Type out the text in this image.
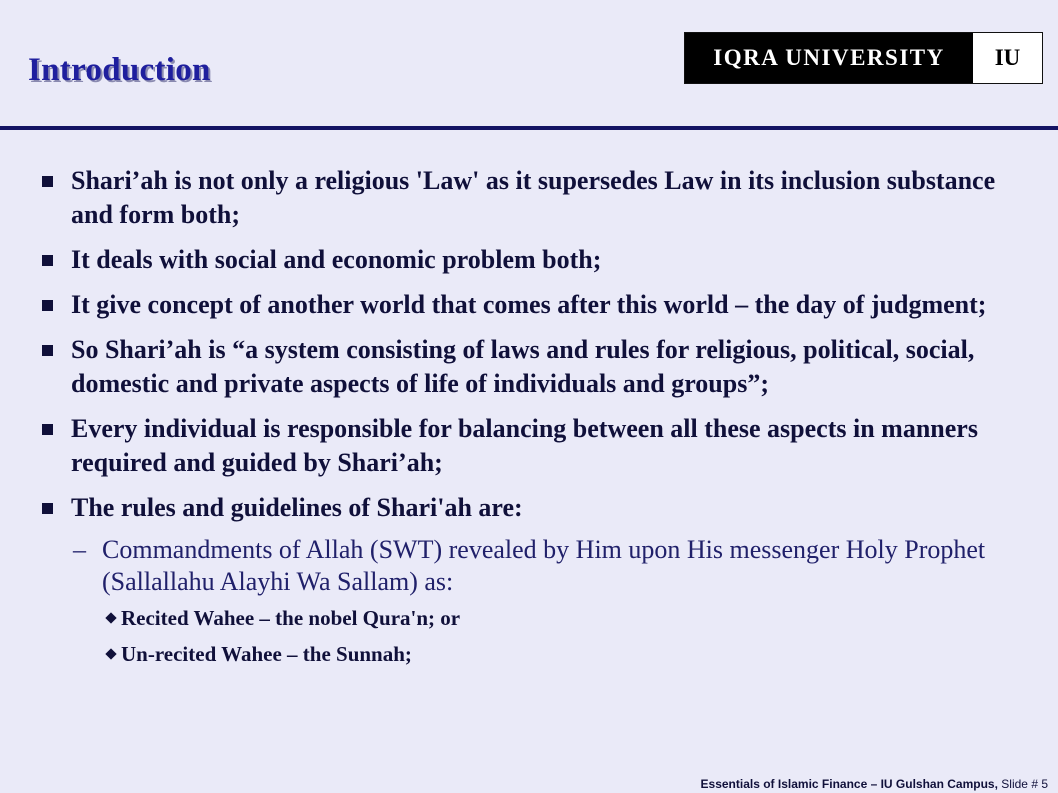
Introduction	IQRA UNIVERSITY	IU
Shari’ah is not only a religious 'Law' as it supersedes Law in its inclusion substance and form both;
It deals with social and economic problem both;
It give concept of another world that comes after this world – the day of judgment;
So Shari’ah is “a system consisting of laws and rules for religious, political, social, domestic and private aspects of life of individuals and groups”;
Every individual is responsible for balancing between all these aspects in manners required and guided by Shari’ah;
The rules and guidelines of Shari'ah are:
– Commandments of Allah (SWT) revealed by Him upon His messenger Holy Prophet (Sallallahu Alayhi Wa Sallam) as:
Recited Wahee – the nobel Qura'n; or
Un-recited Wahee – the Sunnah;
Essentials of Islamic Finance – IU Gulshan Campus, Slide # 5
